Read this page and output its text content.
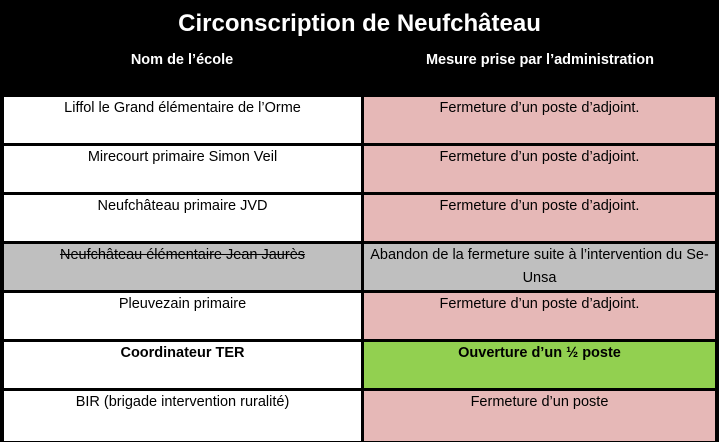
Circonscription de Neufchâteau
Nom de l’école	Mesure prise par l’administration
Liffol le Grand élémentaire de l’Orme	Fermeture d’un poste d’adjoint.
Mirecourt primaire Simon Veil	Fermeture d’un poste d’adjoint.
Neufchâteau primaire JVD	Fermeture d’un poste d’adjoint.
Neufchâteau élémentaire Jean Jaurès	Abandon de la fermeture suite à l’intervention du Se-Unsa
Pleuvezain primaire	Fermeture d’un poste d’adjoint.
Coordinateur TER	Ouverture d’un ½ poste
BIR (brigade intervention ruralité)	Fermeture d’un poste
